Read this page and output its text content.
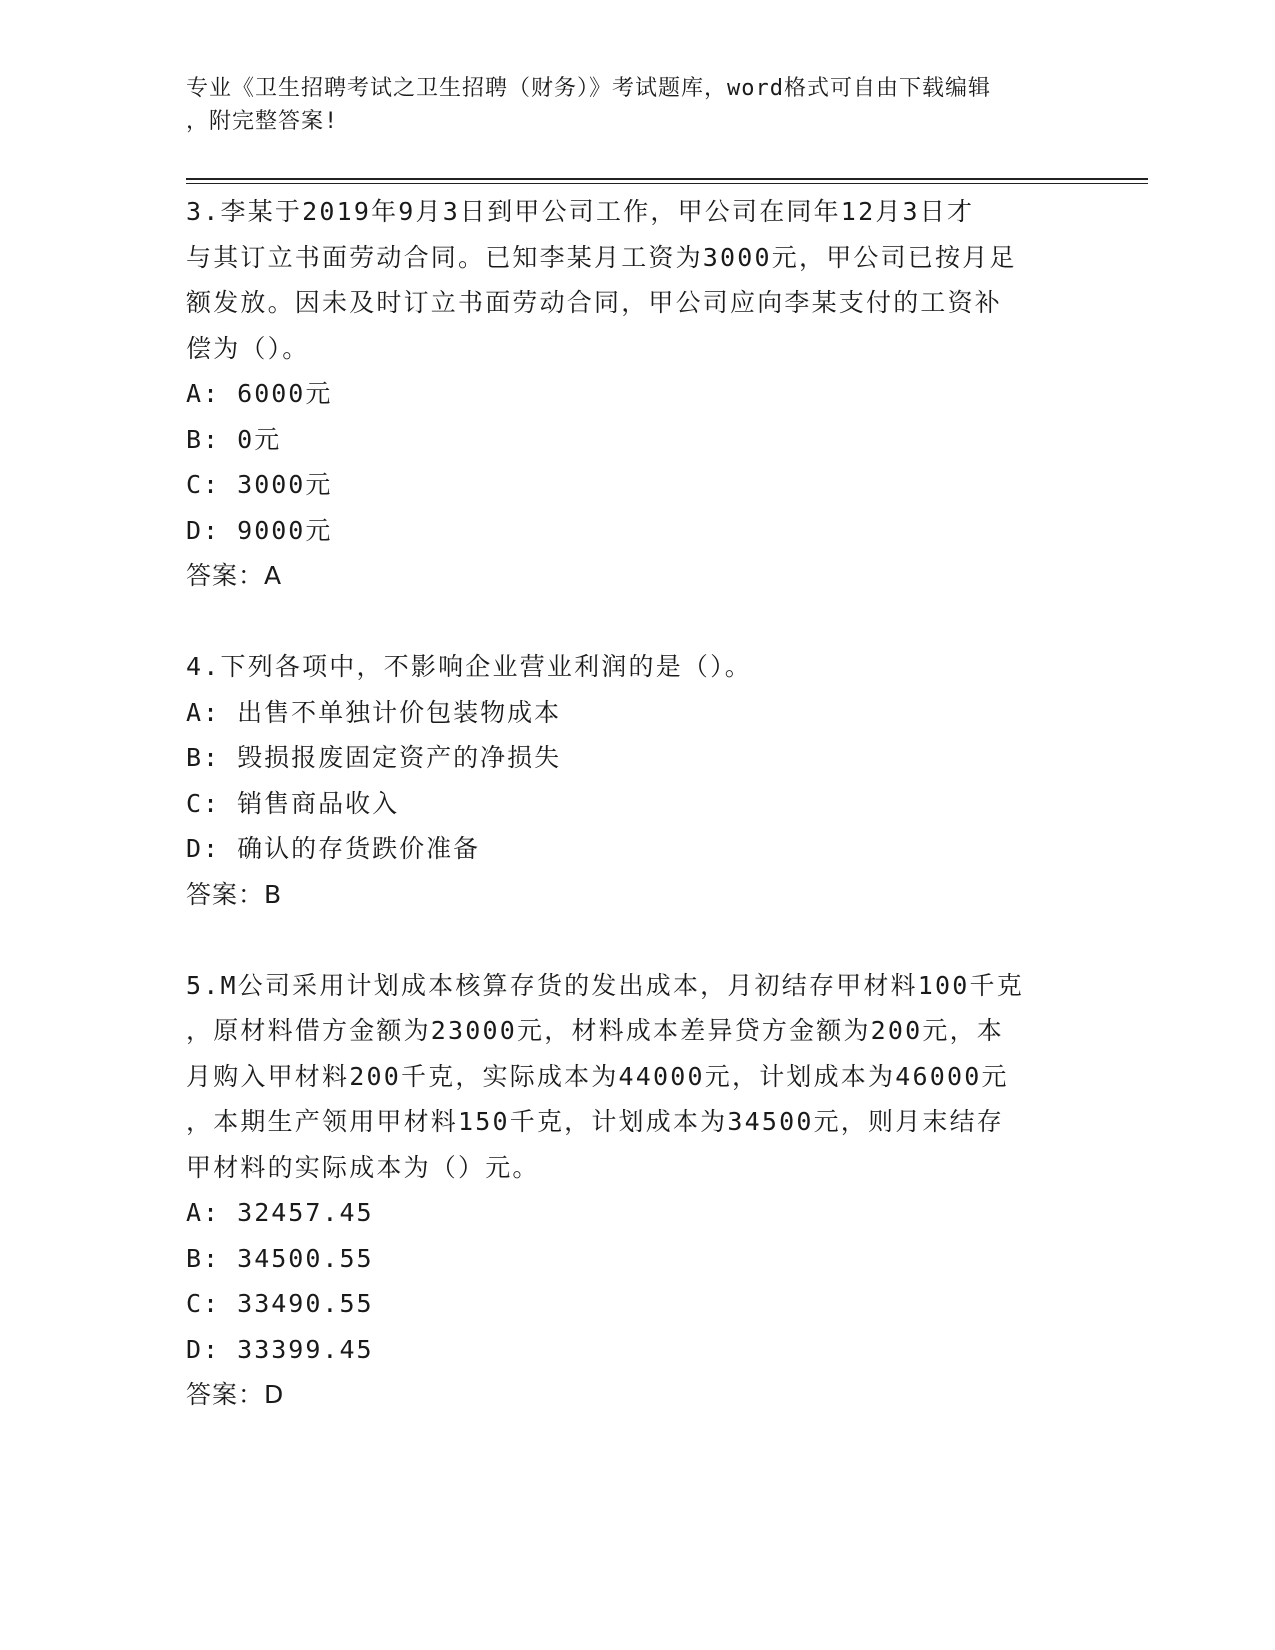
专业《卫生招聘考试之卫生招聘（财务）》考试题库，word格式可自由下载编辑
，附完整答案!
3.李某于2019年9月3日到甲公司工作，甲公司在同年12月3日才
与其订立书面劳动合同。已知李某月工资为3000元，甲公司已按月足
额发放。因未及时订立书面劳动合同，甲公司应向李某支付的工资补
偿为（）。
A: 6000元
B: 0元
C: 3000元
D: 9000元
答案：A
4.下列各项中，不影响企业营业利润的是（）。
A: 出售不单独计价包装物成本
B: 毁损报废固定资产的净损失
C: 销售商品收入
D: 确认的存货跌价准备
答案：B
5.M公司采用计划成本核算存货的发出成本，月初结存甲材料100千克
，原材料借方金额为23000元，材料成本差异贷方金额为200元，本
月购入甲材料200千克，实际成本为44000元，计划成本为46000元
，本期生产领用甲材料150千克，计划成本为34500元，则月末结存
甲材料的实际成本为（）元。
A: 32457.45
B: 34500.55
C: 33490.55
D: 33399.45
答案：D
